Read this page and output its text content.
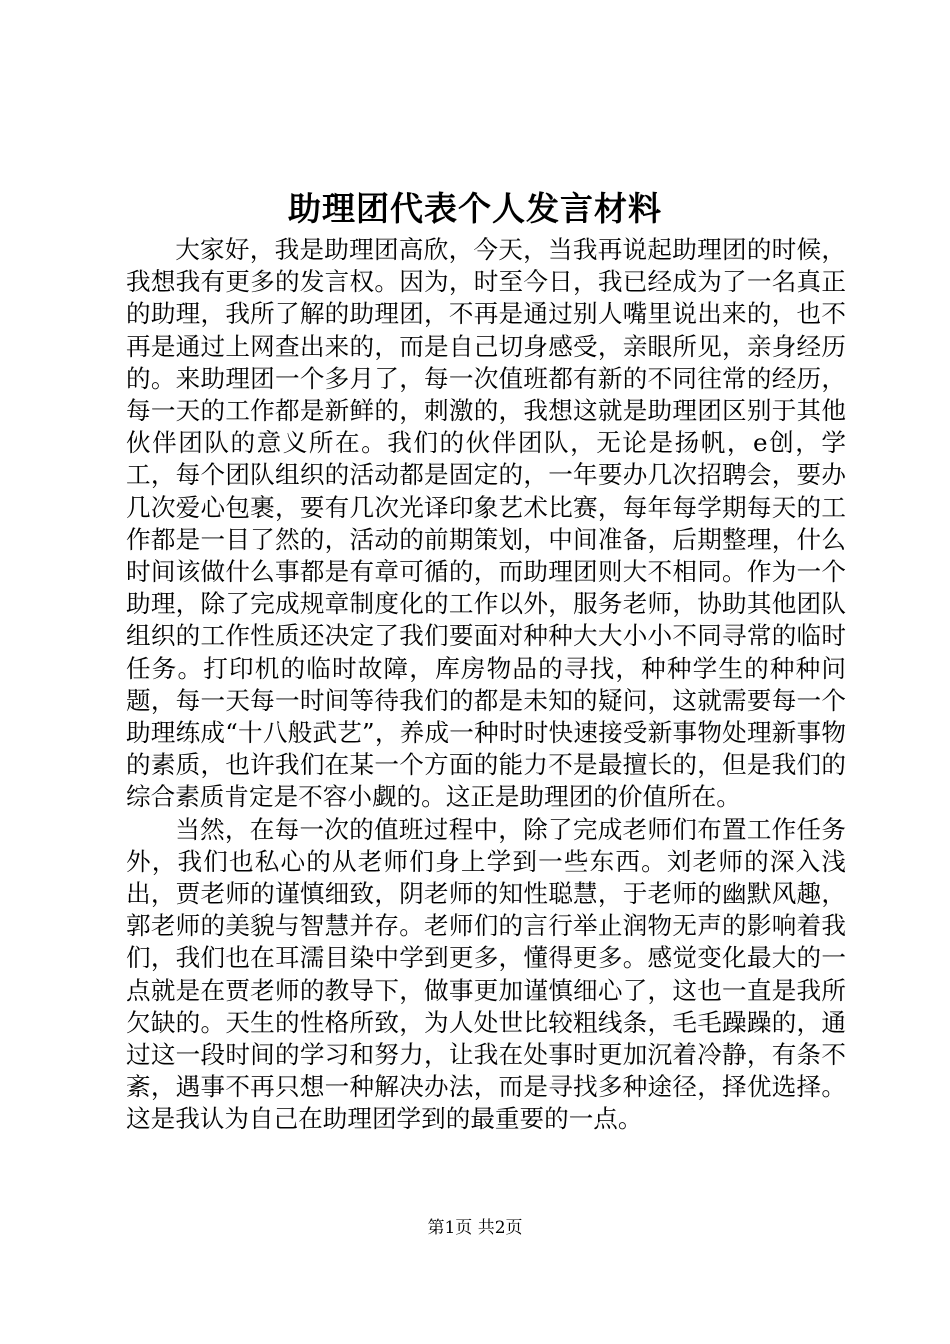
助理团代表个人发言材料

大家好，我是助理团高欣，今天，当我再说起助理团的时候，我想我有更多的发言权。因为，时至今日，我已经成为了一名真正的助理，我所了解的助理团，不再是通过别人嘴里说出来的，也不再是通过上网查出来的，而是自己切身感受，亲眼所见，亲身经历的。来助理团一个多月了，每一次值班都有新的不同往常的经历，每一天的工作都是新鲜的，刺激的，我想这就是助理团区别于其他伙伴团队的意义所在。我们的伙伴团队，无论是扬帆，e创，学工，每个团队组织的活动都是固定的，一年要办几次招聘会，要办几次爱心包裹，要有几次光译印象艺术比赛，每年每学期每天的工作都是一目了然的，活动的前期策划，中间准备，后期整理，什么时间该做什么事都是有章可循的，而助理团则大不相同。作为一个助理，除了完成规章制度化的工作以外，服务老师，协助其他团队组织的工作性质还决定了我们要面对种种大大小小不同寻常的临时任务。打印机的临时故障，库房物品的寻找，种种学生的种种问题，每一天每一时间等待我们的都是未知的疑问，这就需要每一个助理练成“十八般武艺”，养成一种时时快速接受新事物处理新事物的素质，也许我们在某一个方面的能力不是最擅长的，但是我们的综合素质肯定是不容小觑的。这正是助理团的价值所在。

当然，在每一次的值班过程中，除了完成老师们布置工作任务外，我们也私心的从老师们身上学到一些东西。刘老师的深入浅出，贾老师的谨慎细致，阴老师的知性聪慧，于老师的幽默风趣，郭老师的美貌与智慧并存。老师们的言行举止润物无声的影响着我们，我们也在耳濡目染中学到更多，懂得更多。感觉变化最大的一点就是在贾老师的教导下，做事更加谨慎细心了，这也一直是我所欠缺的。天生的性格所致，为人处世比较粗线条，毛毛躁躁的，通过这一段时间的学习和努力，让我在处事时更加沉着冷静，有条不紊，遇事不再只想一种解决办法，而是寻找多种途径，择优选择。这是我认为自己在助理团学到的最重要的一点。

第1页 共2页
